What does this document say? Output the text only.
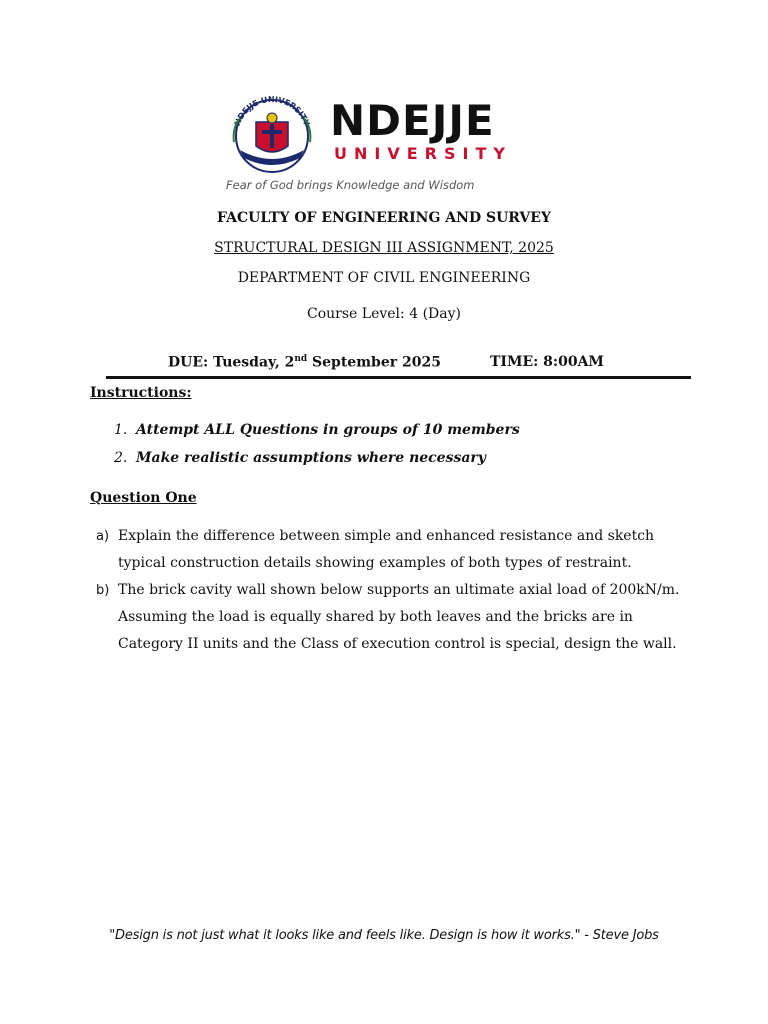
NDEJJE UNIVERSITY NDEJJE
UNIVERSITY
Fear of God brings Knowledge and Wisdom
FACULTY OF ENGINEERING AND SURVEY
STRUCTURAL DESIGN III ASSIGNMENT, 2025
DEPARTMENT OF CIVIL ENGINEERING
Course Level: 4 (Day)
DUE: Tuesday, 2nd September 2025	TIME: 8:00AM
Instructions:
1. Attempt ALL Questions in groups of 10 members
2. Make realistic assumptions where necessary
Question One
a) Explain the difference between simple and enhanced resistance and sketch typical construction details showing examples of both types of restraint.
b) The brick cavity wall shown below supports an ultimate axial load of 200kN/m. Assuming the load is equally shared by both leaves and the bricks are in Category II units and the Class of execution control is special, design the wall.
"Design is not just what it looks like and feels like. Design is how it works." - Steve Jobs
